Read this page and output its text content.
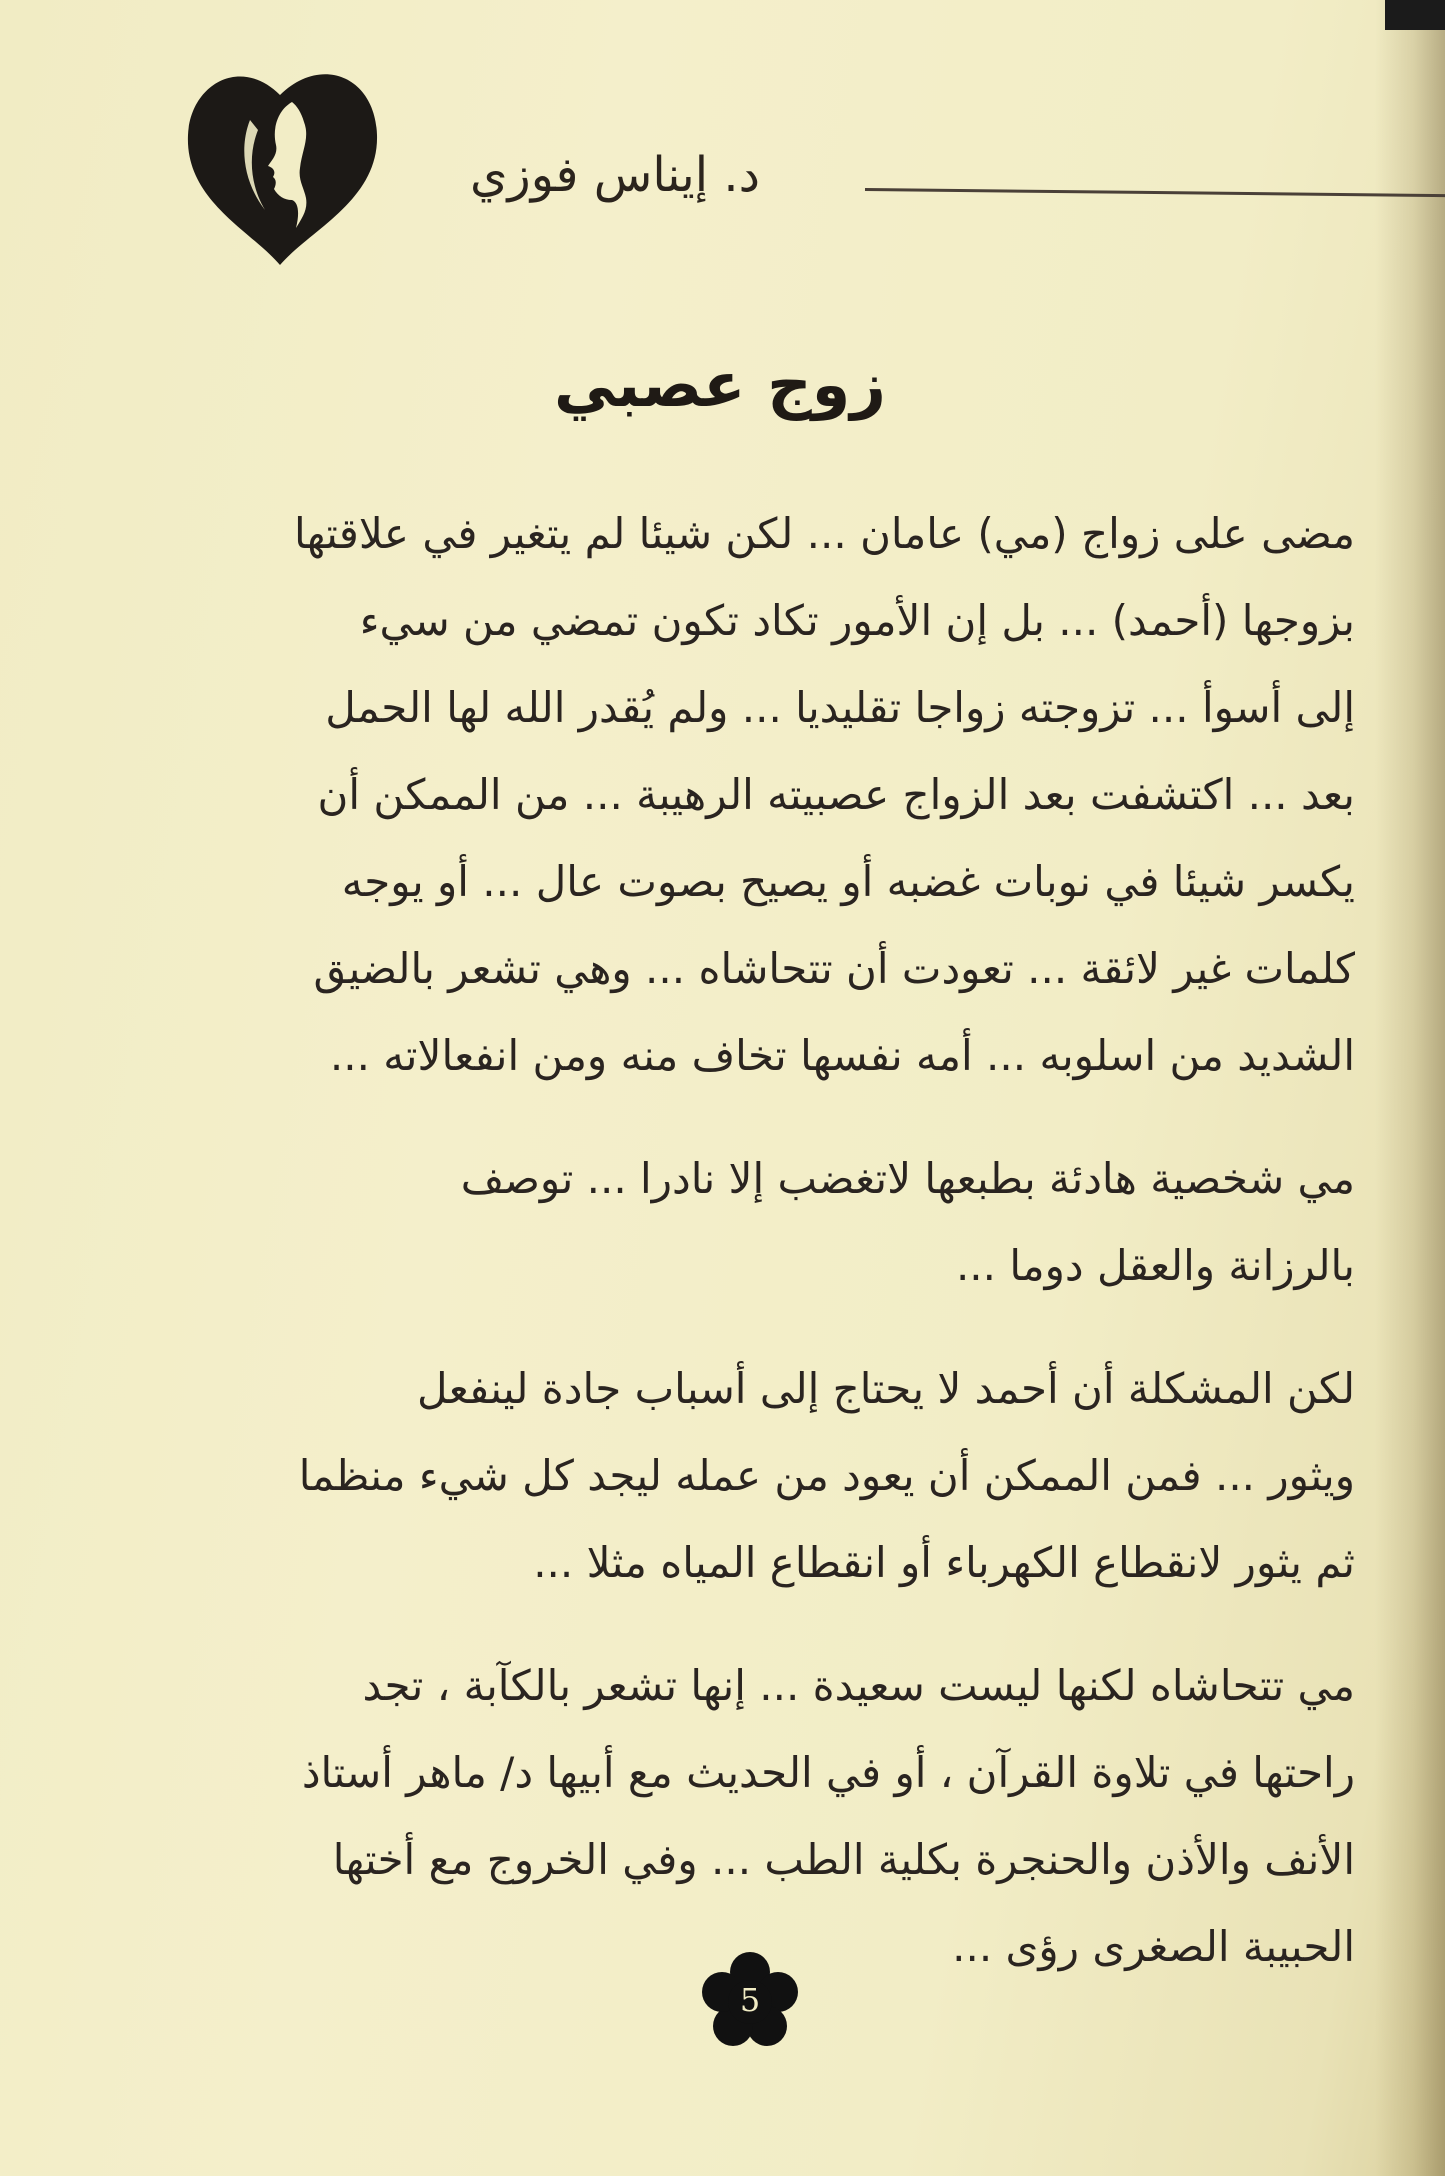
د. إيناس فوزي
زوج عصبي
مضى على زواج (مي) عامان ... لكن شيئا لم يتغير في علاقتها
بزوجها (أحمد) ... بل إن الأمور تكاد تكون تمضي من سيء
إلى أسوأ ... تزوجته زواجا تقليديا ... ولم يُقدر الله لها الحمل
بعد ... اكتشفت بعد الزواج عصبيته الرهيبة ... من الممكن أن
يكسر شيئا في نوبات غضبه أو يصيح بصوت عال ... أو يوجه
كلمات غير لائقة ... تعودت أن تتحاشاه ... وهي تشعر بالضيق
الشديد من اسلوبه ... أمه نفسها تخاف منه ومن انفعالاته ...
مي شخصية هادئة بطبعها لاتغضب إلا نادرا ... توصف
بالرزانة والعقل دوما ...
لكن المشكلة أن أحمد لا يحتاج إلى أسباب جادة لينفعل
ويثور ... فمن الممكن أن يعود من عمله ليجد كل شيء منظما
ثم يثور لانقطاع الكهرباء أو انقطاع المياه مثلا ...
مي تتحاشاه لكنها ليست سعيدة ... إنها تشعر بالكآبة ، تجد
راحتها في تلاوة القرآن ، أو في الحديث مع أبيها د/ ماهر أستاذ
الأنف والأذن والحنجرة بكلية الطب ... وفي الخروج مع أختها
الحبيبة الصغرى رؤى ...
5
